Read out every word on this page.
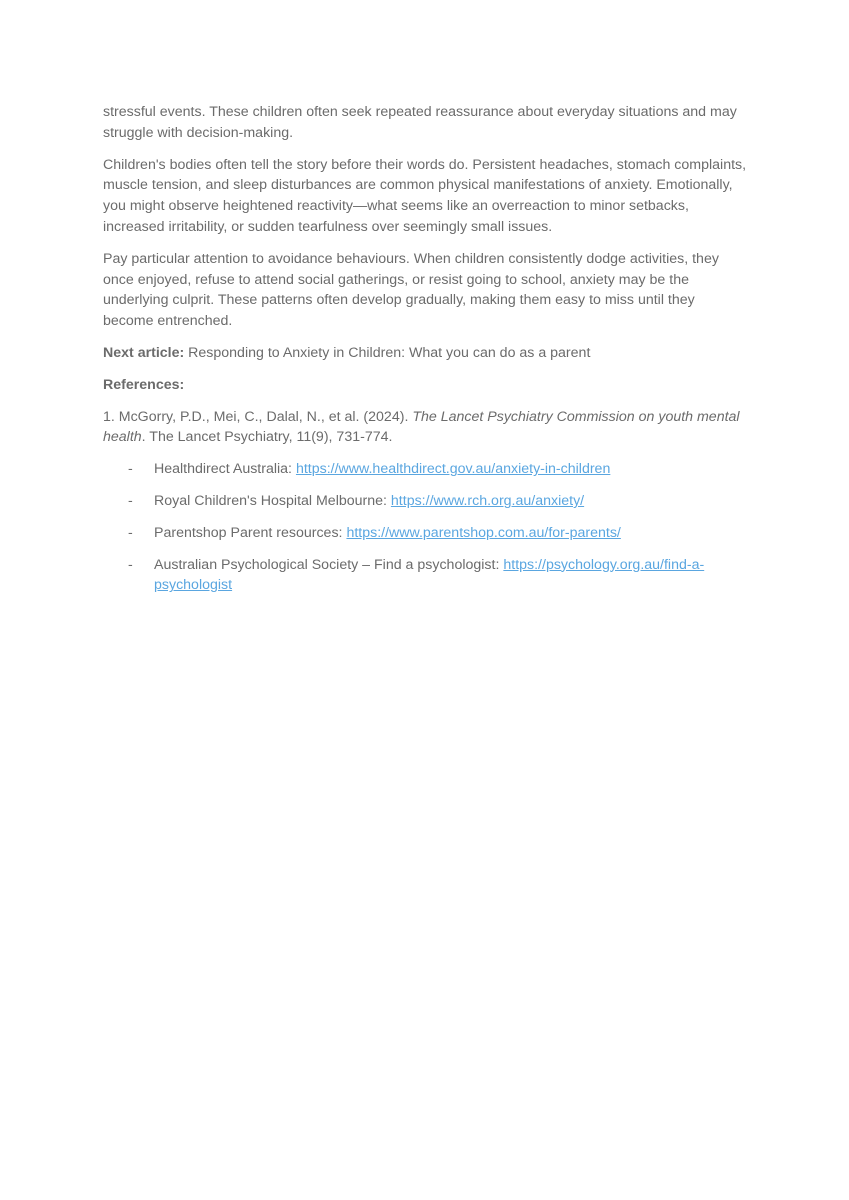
stressful events. These children often seek repeated reassurance about everyday situations and may struggle with decision-making.

Children's bodies often tell the story before their words do. Persistent headaches, stomach complaints, muscle tension, and sleep disturbances are common physical manifestations of anxiety. Emotionally, you might observe heightened reactivity—what seems like an overreaction to minor setbacks, increased irritability, or sudden tearfulness over seemingly small issues.

Pay particular attention to avoidance behaviours. When children consistently dodge activities, they once enjoyed, refuse to attend social gatherings, or resist going to school, anxiety may be the underlying culprit. These patterns often develop gradually, making them easy to miss until they become entrenched.

Next article: Responding to Anxiety in Children: What you can do as a parent

References:

1. McGorry, P.D., Mei, C., Dalal, N., et al. (2024). The Lancet Psychiatry Commission on youth mental health. The Lancet Psychiatry, 11(9), 731-774.

- Healthdirect Australia: https://www.healthdirect.gov.au/anxiety-in-children
- Royal Children's Hospital Melbourne: https://www.rch.org.au/anxiety/
- Parentshop Parent resources: https://www.parentshop.com.au/for-parents/
- Australian Psychological Society – Find a psychologist: https://psychology.org.au/find-a-psychologist
